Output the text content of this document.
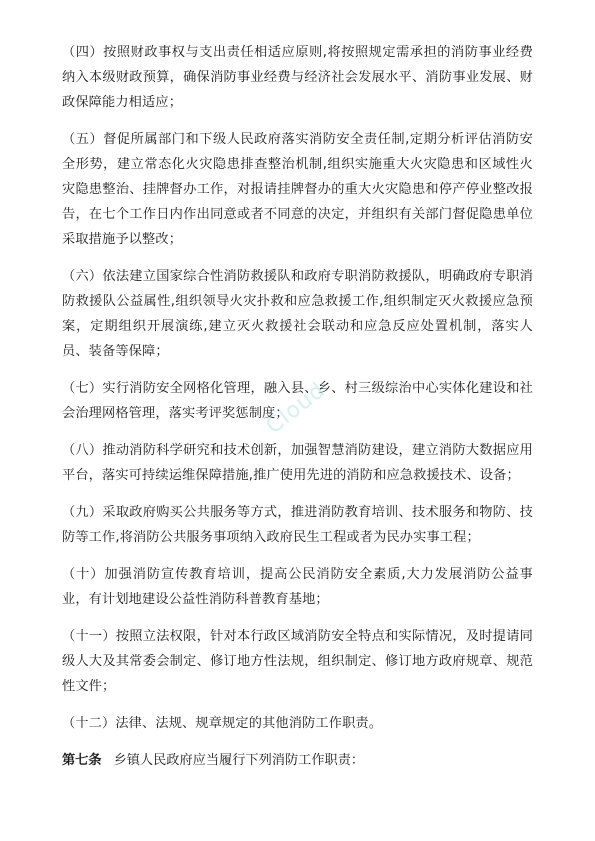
（四）按照财政事权与支出责任相适应原则,将按照规定需承担的消防事业经费纳入本级财政预算，确保消防事业经费与经济社会发展水平、消防事业发展、财政保障能力相适应；

（五）督促所属部门和下级人民政府落实消防安全责任制,定期分析评估消防安全形势，建立常态化火灾隐患排查整治机制,组织实施重大火灾隐患和区域性火灾隐患整治、挂牌督办工作，对报请挂牌督办的重大火灾隐患和停产停业整改报告，在七个工作日内作出同意或者不同意的决定，并组织有关部门督促隐患单位采取措施予以整改；

（六）依法建立国家综合性消防救援队和政府专职消防救援队，明确政府专职消防救援队公益属性,组织领导火灾扑救和应急救援工作,组织制定灭火救援应急预案，定期组织开展演练,建立灭火救援社会联动和应急反应处置机制，落实人员、装备等保障；

（七）实行消防安全网格化管理，融入县、乡、村三级综治中心实体化建设和社会治理网格管理，落实考评奖惩制度；

（八）推动消防科学研究和技术创新，加强智慧消防建设，建立消防大数据应用平台，落实可持续运维保障措施,推广使用先进的消防和应急救援技术、设备；

（九）采取政府购买公共服务等方式，推进消防教育培训、技术服务和物防、技防等工作,将消防公共服务事项纳入政府民生工程或者为民办实事工程；

（十）加强消防宣传教育培训，提高公民消防安全素质,大力发展消防公益事业，有计划地建设公益性消防科普教育基地；

（十一）按照立法权限，针对本行政区域消防安全特点和实际情况，及时提请同级人大及其常委会制定、修订地方性法规，组织制定、修订地方政府规章、规范性文件；

（十二）法律、法规、规章规定的其他消防工作职责。

第七条 乡镇人民政府应当履行下列消防工作职责：

Cloud
